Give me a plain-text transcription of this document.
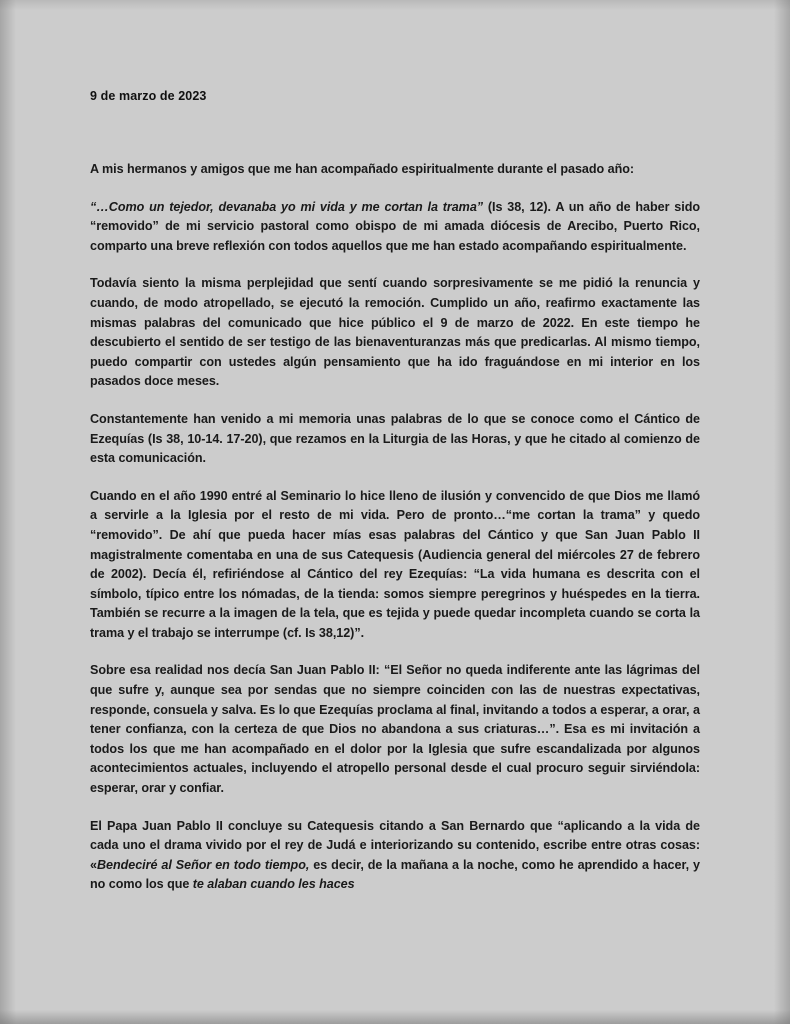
9 de marzo de 2023
A mis hermanos y amigos que me han acompañado espiritualmente durante el pasado año:
“…Como un tejedor, devanaba yo mi vida y me cortan la trama” (Is 38, 12). A un año de haber sido “removido” de mi servicio pastoral como obispo de mi amada diócesis de Arecibo, Puerto Rico, comparto una breve reflexión con todos aquellos que me han estado acompañando espiritualmente.
Todavía siento la misma perplejidad que sentí cuando sorpresivamente se me pidió la renuncia y cuando, de modo atropellado, se ejecutó la remoción. Cumplido un año, reafirmo exactamente las mismas palabras del comunicado que hice público el 9 de marzo de 2022. En este tiempo he descubierto el sentido de ser testigo de las bienaventuranzas más que predicarlas. Al mismo tiempo, puedo compartir con ustedes algún pensamiento que ha ido fraguándose en mi interior en los pasados doce meses.
Constantemente han venido a mi memoria unas palabras de lo que se conoce como el Cántico de Ezequías (Is 38, 10-14. 17-20), que rezamos en la Liturgia de las Horas, y que he citado al comienzo de esta comunicación.
Cuando en el año 1990 entré al Seminario lo hice lleno de ilusión y convencido de que Dios me llamó a servirle a la Iglesia por el resto de mi vida. Pero de pronto…“me cortan la trama” y quedo “removido”. De ahí que pueda hacer mías esas palabras del Cántico y que San Juan Pablo II magistralmente comentaba en una de sus Catequesis (Audiencia general del miércoles 27 de febrero de 2002). Decía él, refiriéndose al Cántico del rey Ezequías: “La vida humana es descrita con el símbolo, típico entre los nómadas, de la tienda: somos siempre peregrinos y huéspedes en la tierra. También se recurre a la imagen de la tela, que es tejida y puede quedar incompleta cuando se corta la trama y el trabajo se interrumpe (cf. Is 38,12)”.
Sobre esa realidad nos decía San Juan Pablo II: “El Señor no queda indiferente ante las lágrimas del que sufre y, aunque sea por sendas que no siempre coinciden con las de nuestras expectativas, responde, consuela y salva. Es lo que Ezequías proclama al final, invitando a todos a esperar, a orar, a tener confianza, con la certeza de que Dios no abandona a sus criaturas…”. Esa es mi invitación a todos los que me han acompañado en el dolor por la Iglesia que sufre escandalizada por algunos acontecimientos actuales, incluyendo el atropello personal desde el cual procuro seguir sirviéndola: esperar, orar y confiar.
El Papa Juan Pablo II concluye su Catequesis citando a San Bernardo que “aplicando a la vida de cada uno el drama vivido por el rey de Judá e interiorizando su contenido, escribe entre otras cosas: «Bendeciré al Señor en todo tiempo, es decir, de la mañana a la noche, como he aprendido a hacer, y no como los que te alaban cuando les haces
